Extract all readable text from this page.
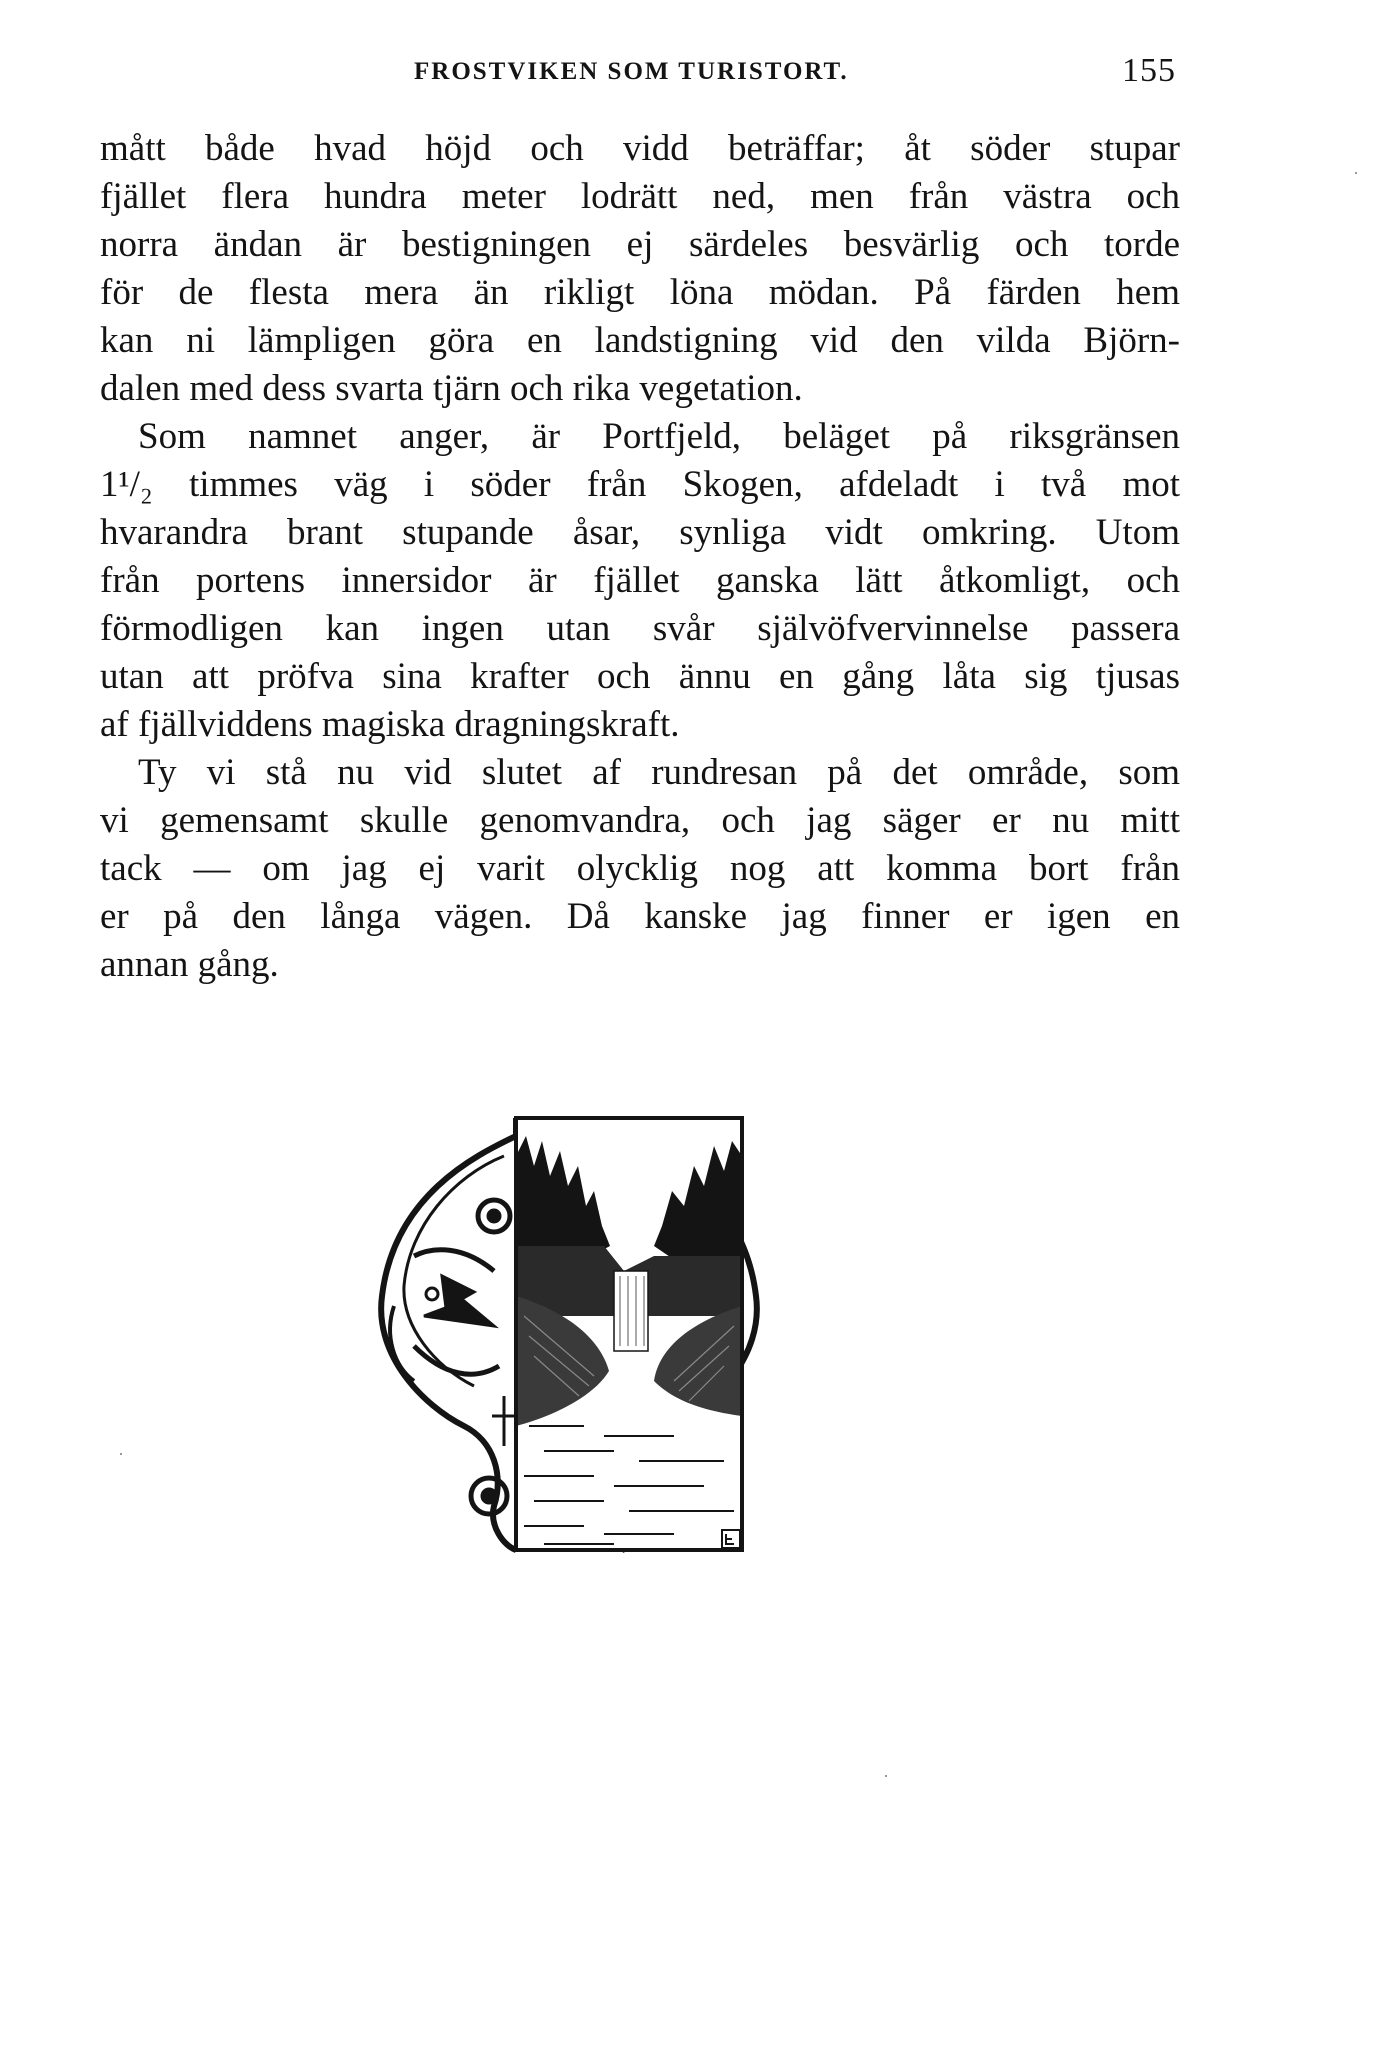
FROSTVIKEN SOM TURISTORT.	155
mått både hvad höjd och vidd beträffar; åt söder stupar
fjället flera hundra meter lodrätt ned, men från västra och
norra ändan är bestigningen ej särdeles besvärlig och torde
för de flesta mera än rikligt löna mödan. På färden hem
kan ni lämpligen göra en landstigning vid den vilda Björn-
dalen med dess svarta tjärn och rika vegetation.
Som namnet anger, är Portfjeld, beläget på riksgränsen
1¹/₂ timmes väg i söder från Skogen, afdeladt i två mot
hvarandra brant stupande åsar, synliga vidt omkring. Utom
från portens innersidor är fjället ganska lätt åtkomligt, och
förmodligen kan ingen utan svår självöfvervinnelse passera
utan att pröfva sina krafter och ännu en gång låta sig tjusas
af fjällviddens magiska dragningskraft.
Ty vi stå nu vid slutet af rundresan på det område, som
vi gemensamt skulle genomvandra, och jag säger er nu mitt
tack — om jag ej varit olycklig nog att komma bort från
er på den långa vägen. Då kanske jag finner er igen en
annan gång.
